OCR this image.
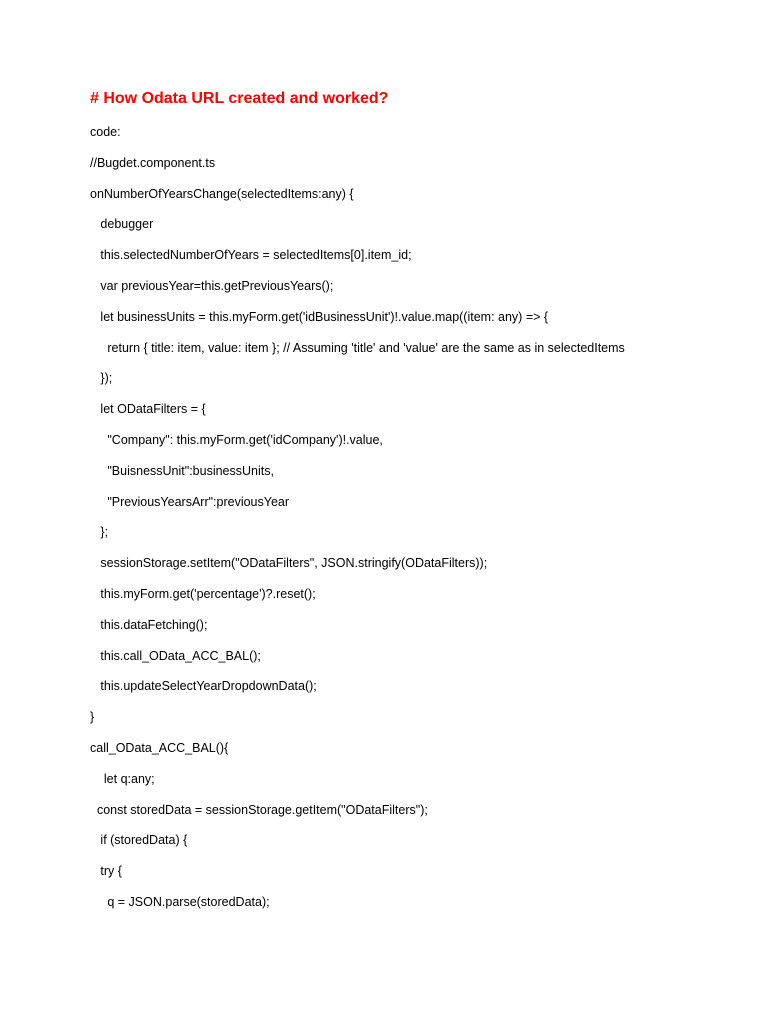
# How Odata URL created and worked?
code:
//Bugdet.component.ts
onNumberOfYearsChange(selectedItems:any) {
debugger
this.selectedNumberOfYears = selectedItems[0].item_id;
var previousYear=this.getPreviousYears();
let businessUnits = this.myForm.get('idBusinessUnit')!.value.map((item: any) => {
return { title: item, value: item }; // Assuming 'title' and 'value' are the same as in selectedItems
});
let ODataFilters = {
"Company": this.myForm.get('idCompany')!.value,
"BuisnessUnit":businessUnits,
"PreviousYearsArr":previousYear
};
sessionStorage.setItem("ODataFilters", JSON.stringify(ODataFilters));
this.myForm.get('percentage')?.reset();
this.dataFetching();
this.call_OData_ACC_BAL();
this.updateSelectYearDropdownData();
}
call_OData_ACC_BAL(){
let q:any;
const storedData = sessionStorage.getItem("ODataFilters");
if (storedData) {
try {
q = JSON.parse(storedData);
